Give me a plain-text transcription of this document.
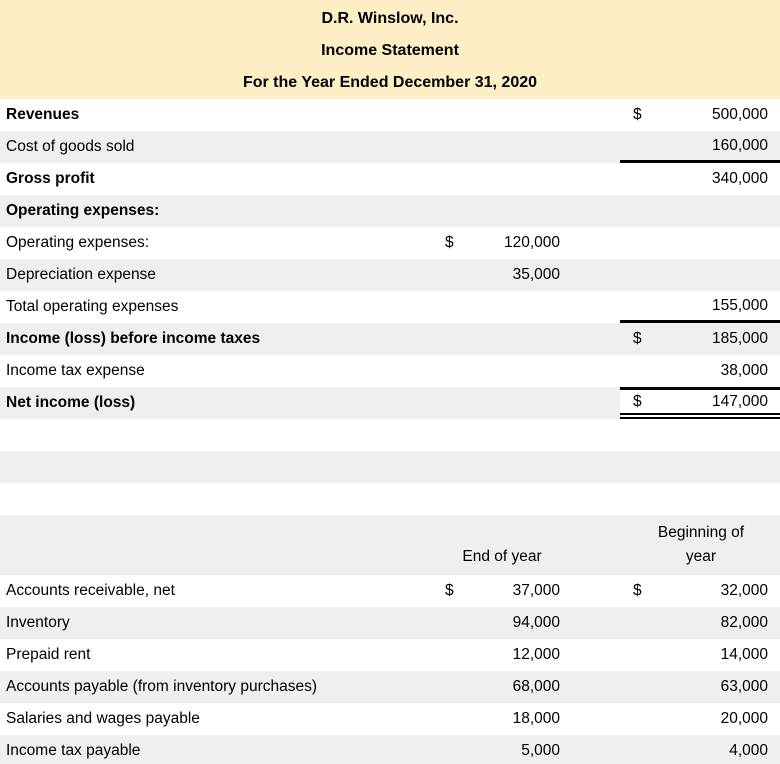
D.R. Winslow, Inc.
Income Statement
For the Year Ended December 31, 2020
Revenues	$	500,000
Cost of goods sold	160,000
Gross profit	340,000
Operating expenses:
Operating expenses:	$	120,000
Depreciation expense	35,000
Total operating expenses	155,000
Income (loss) before income taxes	$	185,000
Income tax expense	38,000
Net income (loss)	$	147,000
End of year
Beginning of year
Accounts receivable, net	$	37,000	$	32,000
Inventory	94,000	82,000
Prepaid rent	12,000	14,000
Accounts payable (from inventory purchases)	68,000	63,000
Salaries and wages payable	18,000	20,000
Income tax payable	5,000	4,000
